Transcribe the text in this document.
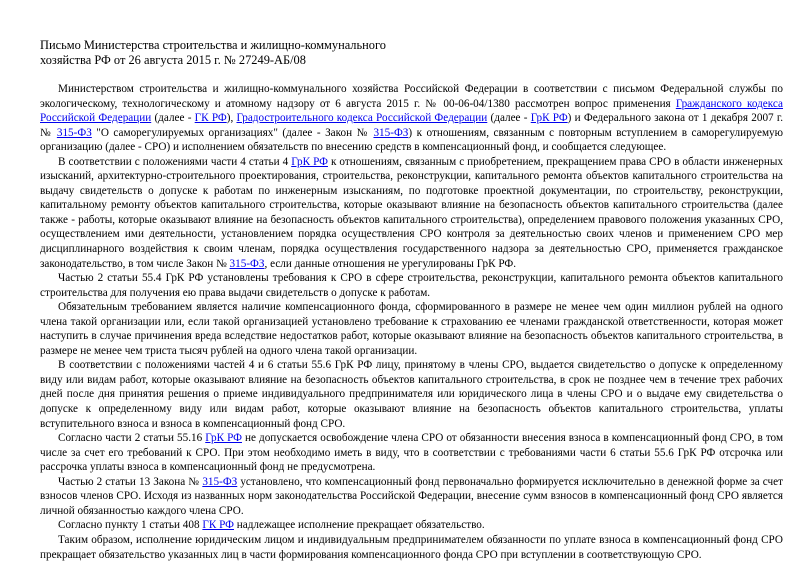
Письмо Министерства строительства и жилищно-коммунального
хозяйства РФ от 26 августа 2015 г. № 27249-АБ/08

Министерством строительства и жилищно-коммунального хозяйства Российской Федерации в соответствии с письмом Федеральной службы по экологическому, технологическому и атомному надзору от 6 августа 2015 г. № 00-06-04/1380 рассмотрен вопрос применения Гражданского кодекса Российской Федерации (далее - ГК РФ), Градостроительного кодекса Российской Федерации (далее - ГрК РФ) и Федерального закона от 1 декабря 2007 г. № 315-ФЗ "О саморегулируемых организациях" (далее - Закон № 315-ФЗ) к отношениям, связанным с повторным вступлением в саморегулируемую организацию (далее - СРО) и исполнением обязательств по внесению средств в компенсационный фонд, и сообщается следующее.

В соответствии с положениями части 4 статьи 4 ГрК РФ к отношениям, связанным с приобретением, прекращением права СРО в области инженерных изысканий, архитектурно-строительного проектирования, строительства, реконструкции, капитального ремонта объектов капитального строительства на выдачу свидетельств о допуске к работам по инженерным изысканиям, по подготовке проектной документации, по строительству, реконструкции, капитальному ремонту объектов капитального строительства, которые оказывают влияние на безопасность объектов капитального строительства (далее также - работы, которые оказывают влияние на безопасность объектов капитального строительства), определением правового положения указанных СРО, осуществлением ими деятельности, установлением порядка осуществления СРО контроля за деятельностью своих членов и применением СРО мер дисциплинарного воздействия к своим членам, порядка осуществления государственного надзора за деятельностью СРО, применяется гражданское законодательство, в том числе Закон № 315-ФЗ, если данные отношения не урегулированы ГрК РФ.

Частью 2 статьи 55.4 ГрК РФ установлены требования к СРО в сфере строительства, реконструкции, капитального ремонта объектов капитального строительства для получения ею права выдачи свидетельств о допуске к работам.

Обязательным требованием является наличие компенсационного фонда, сформированного в размере не менее чем один миллион рублей на одного члена такой организации или, если такой организацией установлено требование к страхованию ее членами гражданской ответственности, которая может наступить в случае причинения вреда вследствие недостатков работ, которые оказывают влияние на безопасность объектов капитального строительства, в размере не менее чем триста тысяч рублей на одного члена такой организации.

В соответствии с положениями частей 4 и 6 статьи 55.6 ГрК РФ лицу, принятому в члены СРО, выдается свидетельство о допуске к определенному виду или видам работ, которые оказывают влияние на безопасность объектов капитального строительства, в срок не позднее чем в течение трех рабочих дней после дня принятия решения о приеме индивидуального предпринимателя или юридического лица в члены СРО и о выдаче ему свидетельства о допуске к определенному виду или видам работ, которые оказывают влияние на безопасность объектов капитального строительства, уплаты вступительного взноса и взноса в компенсационный фонд СРО.

Согласно части 2 статьи 55.16 ГрК РФ не допускается освобождение члена СРО от обязанности внесения взноса в компенсационный фонд СРО, в том числе за счет его требований к СРО. При этом необходимо иметь в виду, что в соответствии с требованиями части 6 статьи 55.6 ГрК РФ отсрочка или рассрочка уплаты взноса в компенсационный фонд не предусмотрена.

Частью 2 статьи 13 Закона № 315-ФЗ установлено, что компенсационный фонд первоначально формируется исключительно в денежной форме за счет взносов членов СРО. Исходя из названных норм законодательства Российской Федерации, внесение сумм взносов в компенсационный фонд СРО является личной обязанностью каждого члена СРО.

Согласно пункту 1 статьи 408 ГК РФ надлежащее исполнение прекращает обязательство.

Таким образом, исполнение юридическим лицом и индивидуальным предпринимателем обязанности по уплате взноса в компенсационный фонд СРО прекращает обязательство указанных лиц в части формирования компенсационного фонда СРО при вступлении в соответствующую СРО.
